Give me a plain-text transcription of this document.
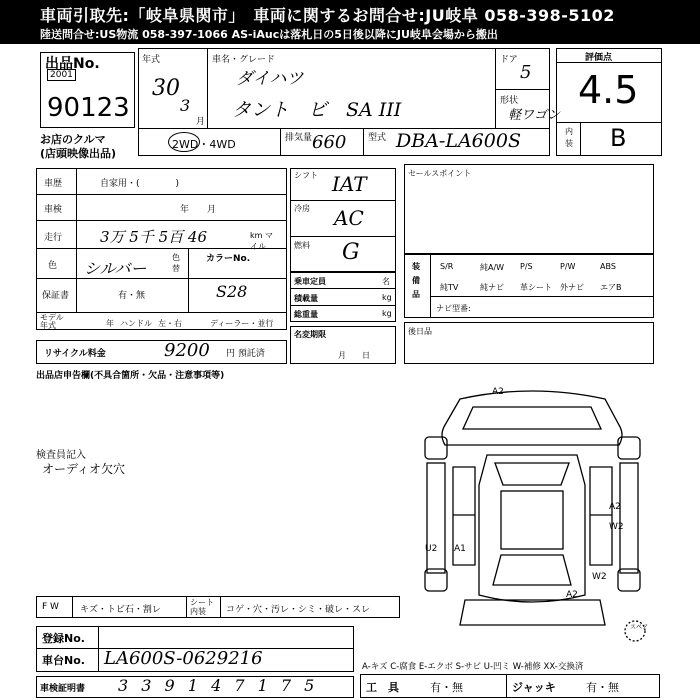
車両引取先:「岐阜県関市」　車両に関するお問合せ:JU岐阜 058-398-5102
陸送問合せ:US物流 058-397-1066 AS-iAucは落札日の5日後以降にJU岐阜会場から搬出
出品No.
2001
90123
お店のクルマ
(店頭映像出品)
年式
30
3
月
車名・グレード
ダイハツ
タント　ビ　SA III
ドア
5
形状
軽ワゴン
2WD・4WD	排気量 660 型式 DBA-LA600S
評価点
4.5
内装 B
車歴	自家用・(　　　　)
車検	年　　月
走行	3万 5千 5百 46	km マイル
色 シルバー
色替
カラーNo.
S28
保証書	有・無
モデル年式	年 ハンドル 左・右	ディーラー・並行
リサイクル料金	9200 円 預託済
シフト IAT
冷房 AC
燃料 G
乗車定員	名
積載量	kg
総重量	kg
名変期限
月　　日
セールスポイント
装備品
ナビ型番:
後日品
出品店申告欄(不具合箇所・欠品・注意事項等)
検査員記入
オーディオ欠穴
A2
A2
W2
U2 A1
W2
A2
スペア
F W キズ・トビ石・割レ
シート内装	コゲ・穴・汚レ・シミ・破レ・スレ
登録No.
車台No. LA600S-0629216
車検証明書 3 3 9 1 4 7 1 7 5
A-キズ C-腐食 E-エクボ S-サビ U-凹ミ W-補修 XX-交換済
工　具	有・無	ジャッキ	有・無
S/R	純A/W P/S	P/W	ABS
純TV	純ナビ 革シート 外ナビ エアB
